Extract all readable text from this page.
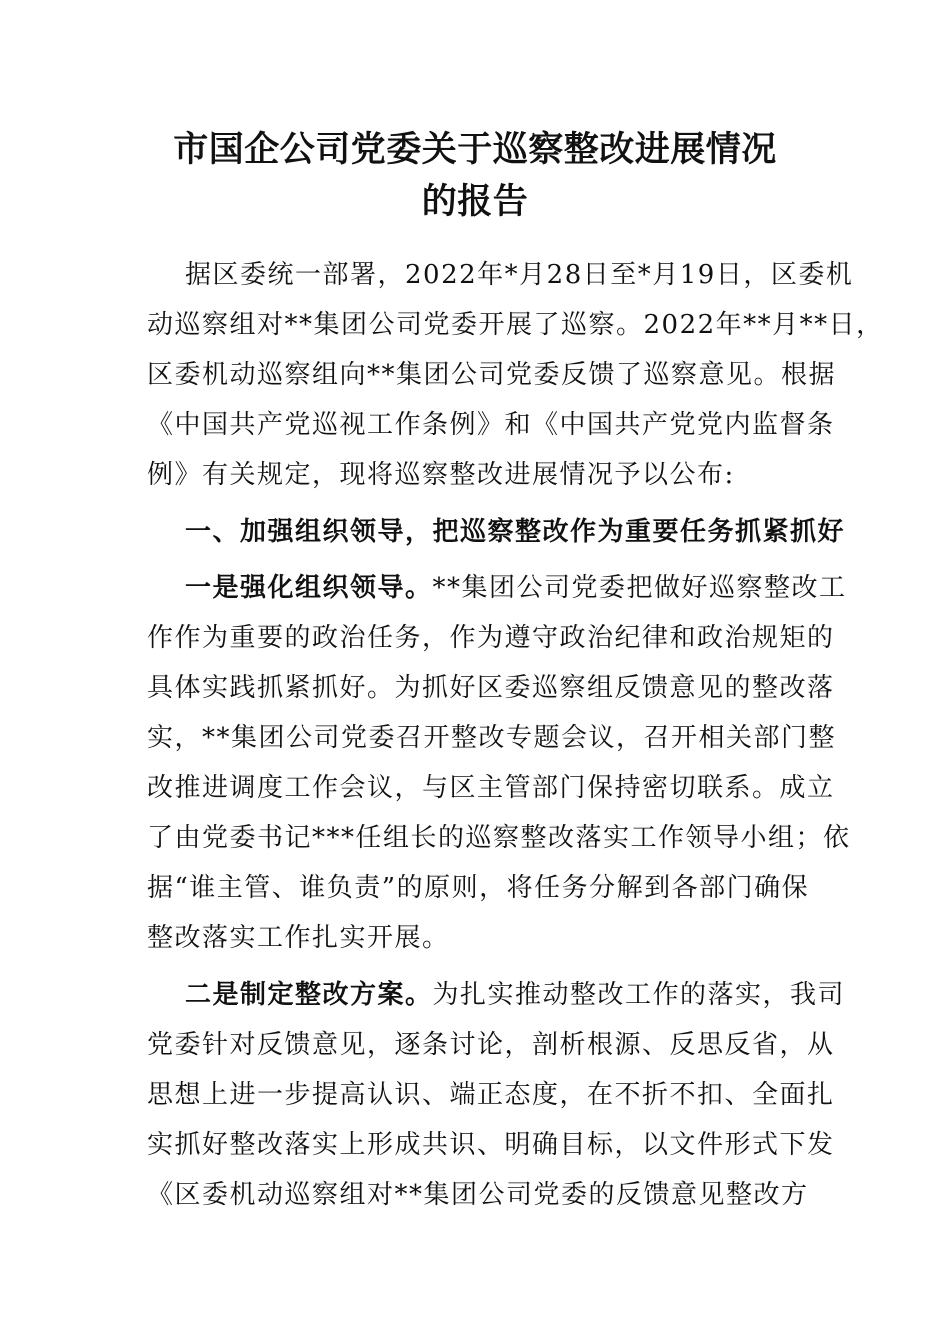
市国企公司党委关于巡察整改进展情况
的报告
据区委统一部署，2022年*月28日至*月19日，区委机
动巡察组对**集团公司党委开展了巡察。2022年**月**日，
区委机动巡察组向**集团公司党委反馈了巡察意见。根据
《中国共产党巡视工作条例》和《中国共产党党内监督条
例》有关规定，现将巡察整改进展情况予以公布:
一、加强组织领导，把巡察整改作为重要任务抓紧抓好
一是强化组织领导。**集团公司党委把做好巡察整改工
作作为重要的政治任务，作为遵守政治纪律和政治规矩的
具体实践抓紧抓好。为抓好区委巡察组反馈意见的整改落
实，**集团公司党委召开整改专题会议，召开相关部门整
改推进调度工作会议，与区主管部门保持密切联系。成立
了由党委书记***任组长的巡察整改落实工作领导小组；依
据“谁主管、谁负责”的原则，将任务分解到各部门确保
整改落实工作扎实开展。
二是制定整改方案。为扎实推动整改工作的落实，我司
党委针对反馈意见，逐条讨论，剖析根源、反思反省，从
思想上进一步提高认识、端正态度，在不折不扣、全面扎
实抓好整改落实上形成共识、明确目标，以文件形式下发
《区委机动巡察组对**集团公司党委的反馈意见整改方
